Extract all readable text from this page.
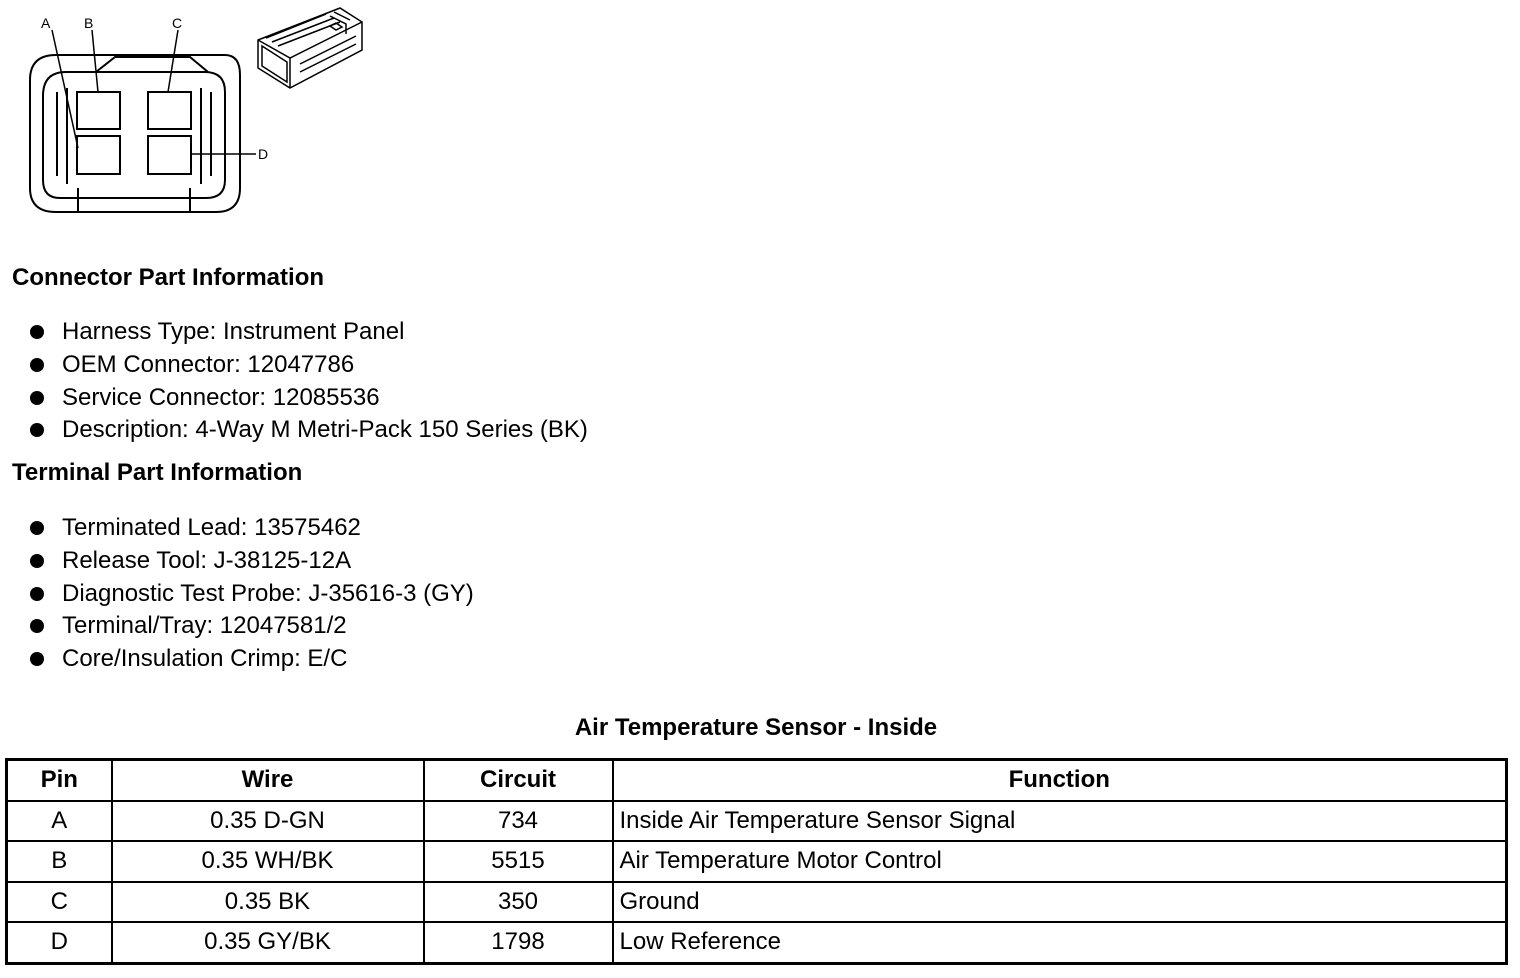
A B	C
D
Connector Part Information
Harness Type: Instrument Panel
OEM Connector: 12047786
Service Connector: 12085536
Description: 4-Way M Metri-Pack 150 Series (BK)
Terminal Part Information
Terminated Lead: 13575462
Release Tool: J-38125-12A
Diagnostic Test Probe: J-35616-3 (GY)
Terminal/Tray: 12047581/2
Core/Insulation Crimp: E/C
Air Temperature Sensor - Inside
Pin	Wire	Circuit	Function
A	0.35 D-GN	734	Inside Air Temperature Sensor Signal
B	0.35 WH/BK	5515	Air Temperature Motor Control
C	0.35 BK	350	Ground
D	0.35 GY/BK	1798	Low Reference
